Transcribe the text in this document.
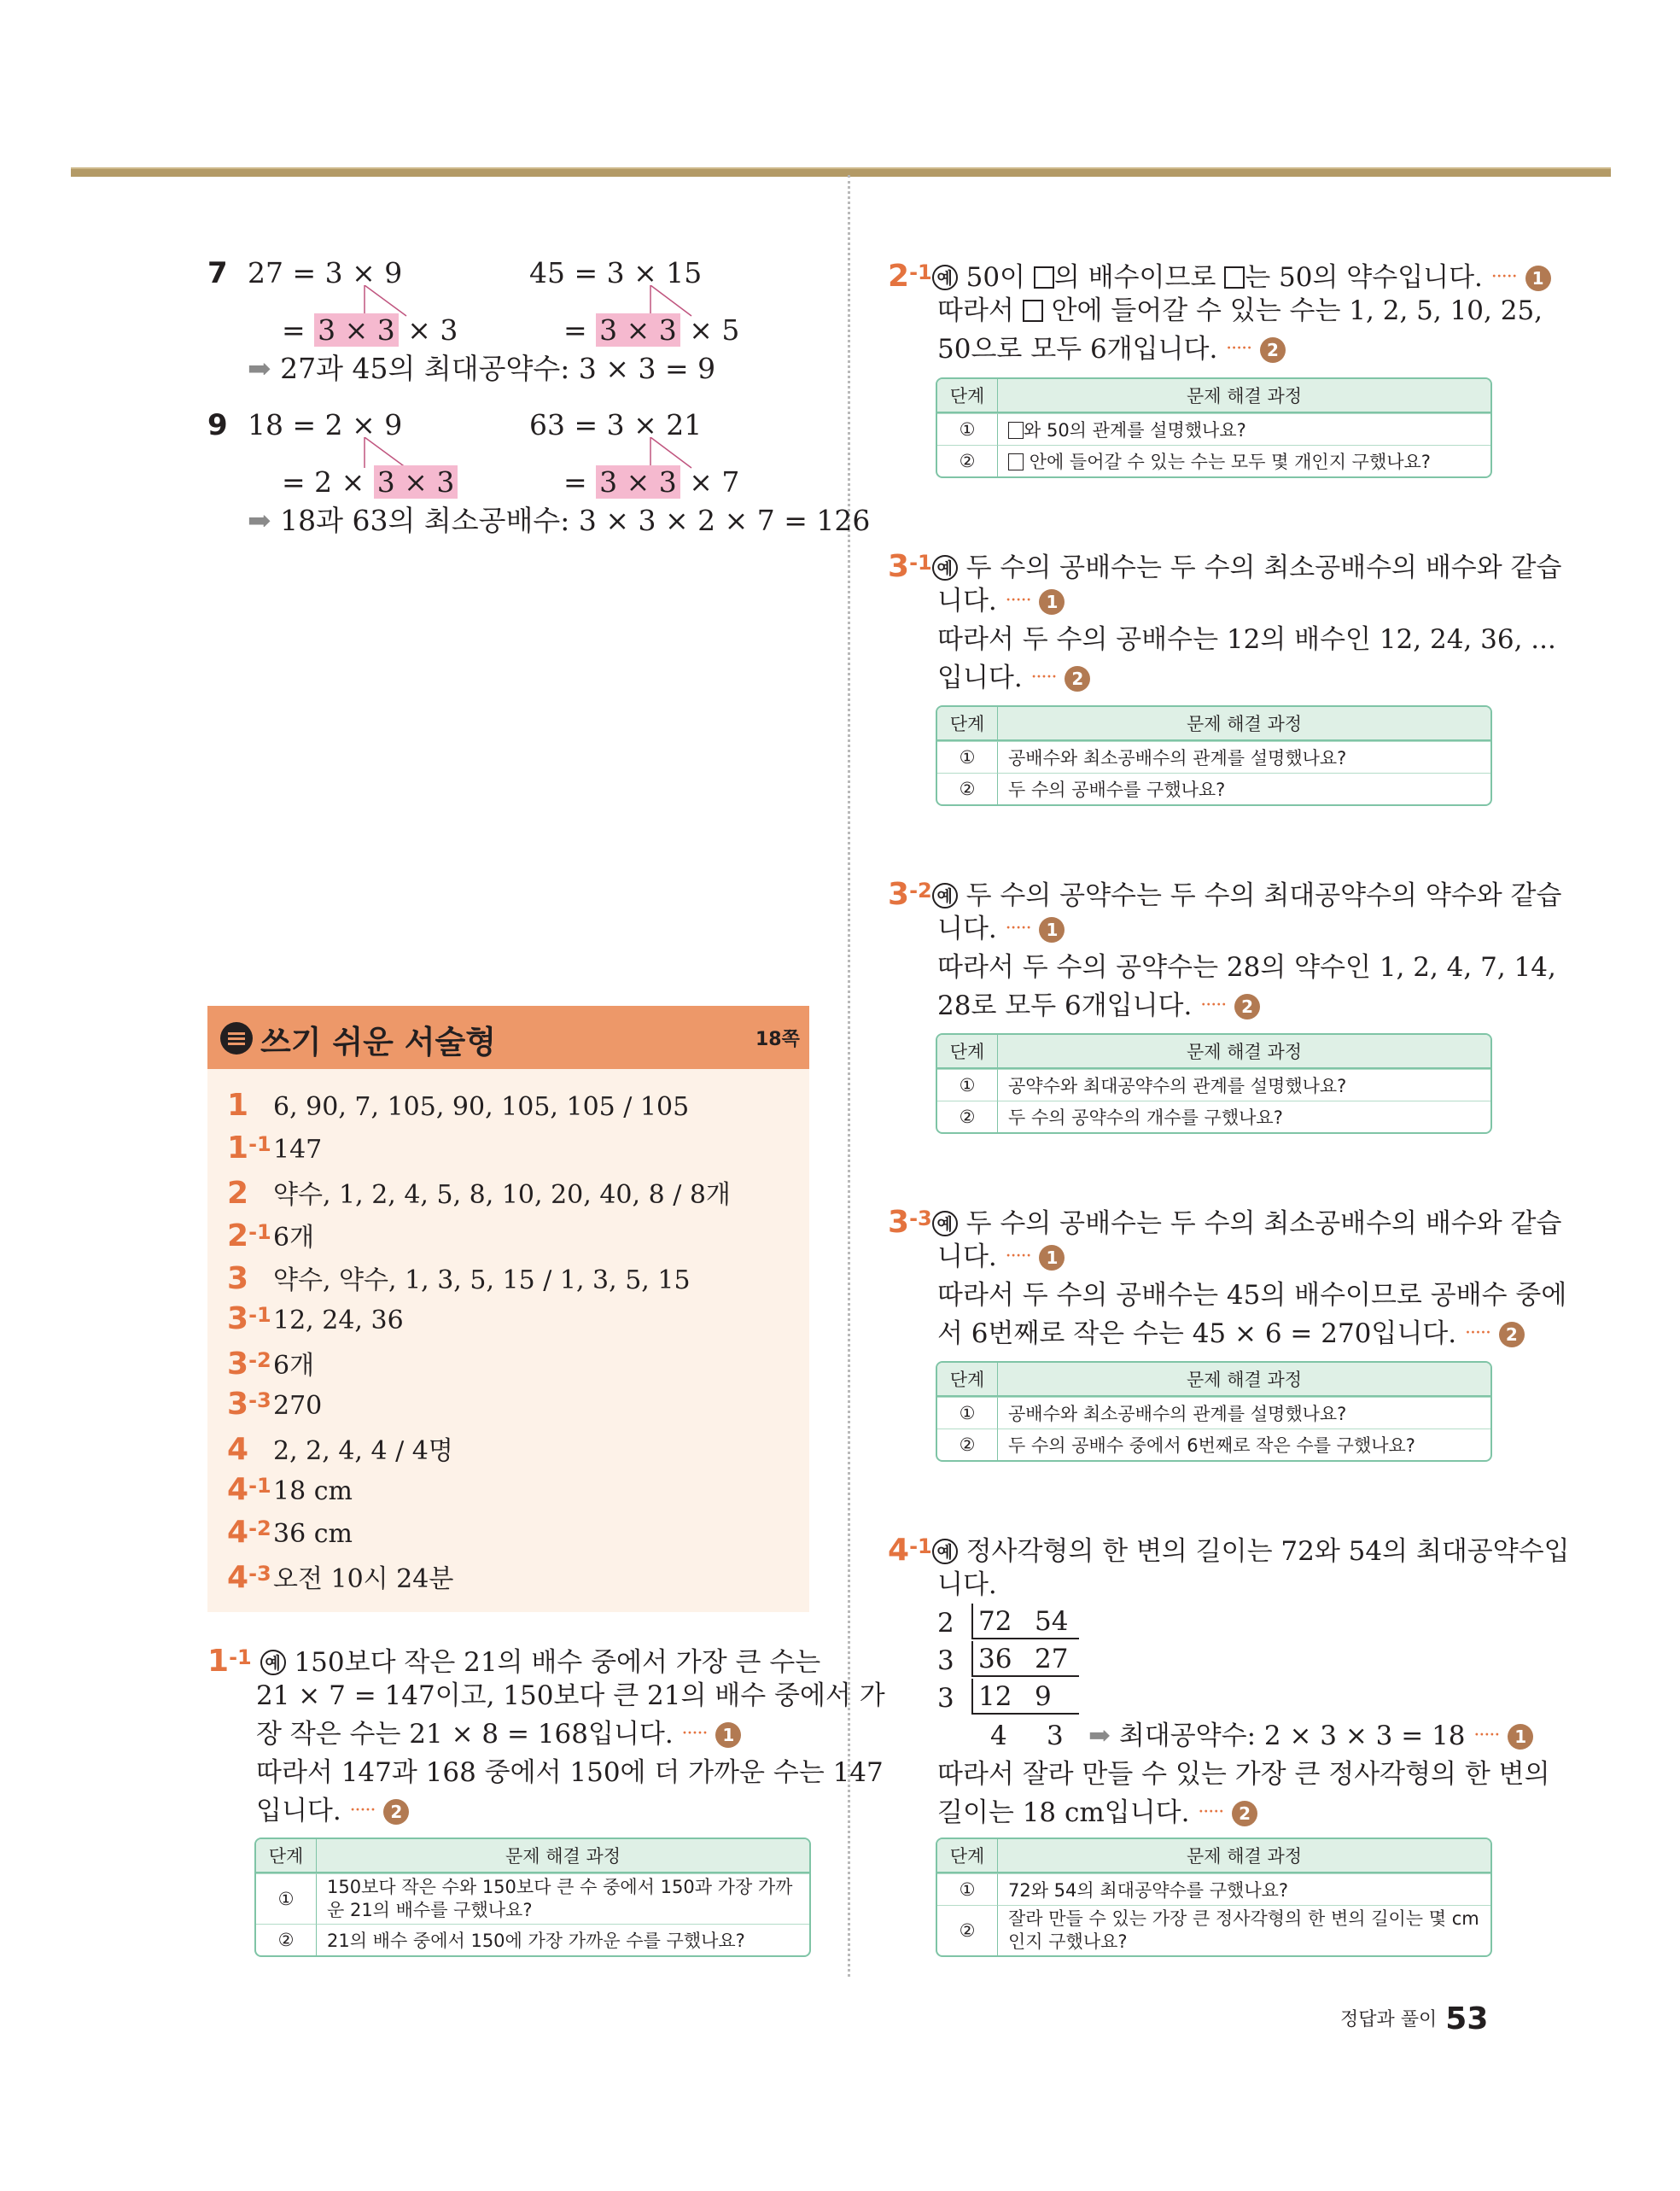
7 27 = 3 × 9	45 = 3 × 15
= 3 × 3 × 3	= 3 × 3 × 5
➡ 27과 45의 최대공약수: 3 × 3 = 9
9 18 = 2 × 9	63 = 3 × 21
= 2 × 3 × 3	= 3 × 3 × 7
➡ 18과 63의 최소공배수: 3 × 3 × 2 × 7 = 126
쓰기 쉬운 서술형	18쪽
1 6, 90, 7, 105, 90, 105, 105 / 105
$1^{-1}147$
2 약수, 1, 2, 4, 5, 8, 10, 20, 40, 8 / 8개
$2^{-1}6$개
3 약수, 약수, 1, 3, 5, 15 / 1, 3, 5, 15
$3^{-1}12$, 24, 36
$3^{-2}6$개
$3^{-3}270$
4 2, 2, 4, 4 / 4명
$4^{-1}18$ cm
$4^{-2}36$ cm
$4^{-3}$오전 10시 24분
$1^{-1}$ 예 150보다 작은 21의 배수 중에서 가장 큰 수는
21 × 7 = 147이고, 150보다 큰 21의 배수 중에서 가
장 작은 수는 21 × 8 = 168입니다. ····· 1
따라서 147과 168 중에서 150에 더 가까운 수는 147
입니다. ····· 2
단계	문제 해결 과정
①	150보다 작은 수와 150보다 큰 수 중에서 150과 가장 가까운 21의 배수를 구했나요?
②	21의 배수 중에서 150에 가장 가까운 수를 구했나요?
$2^{-1}$ 예 50이 의 배수이므로 는 50의 약수입니다. ····· 1
따라서 안에 들어갈 수 있는 수는 1, 2, 5, 10, 25,
50으로 모두 6개입니다. ····· 2
단계	문제 해결 과정
①	와 50의 관계를 설명했나요?
②	안에 들어갈 수 있는 수는 모두 몇 개인지 구했나요?
$3^{-1}$ 예 두 수의 공배수는 두 수의 최소공배수의 배수와 같습
니다. ····· 1
따라서 두 수의 공배수는 12의 배수인 12, 24, 36, ...
입니다. ····· 2
단계	문제 해결 과정
①	공배수와 최소공배수의 관계를 설명했나요?
②	두 수의 공배수를 구했나요?
$3^{-2}$ 예 두 수의 공약수는 두 수의 최대공약수의 약수와 같습
니다. ····· 1
따라서 두 수의 공약수는 28의 약수인 1, 2, 4, 7, 14,
28로 모두 6개입니다. ····· 2
단계	문제 해결 과정
①	공약수와 최대공약수의 관계를 설명했나요?
②	두 수의 공약수의 개수를 구했나요?
$3^{-3}$ 예 두 수의 공배수는 두 수의 최소공배수의 배수와 같습
니다. ····· 1
따라서 두 수의 공배수는 45의 배수이므로 공배수 중에
서 6번째로 작은 수는 45 × 6 = 270입니다. ····· 2
단계	문제 해결 과정
①	공배수와 최소공배수의 관계를 설명했나요?
②	두 수의 공배수 중에서 6번째로 작은 수를 구했나요?
$4^{-1}$ 예 정사각형의 한 변의 길이는 72와 54의 최대공약수입
니다.
2 72 54
3 36 27
3 12 9
4 3 ➡ 최대공약수: 2 × 3 × 3 = 18 ····· 1
따라서 잘라 만들 수 있는 가장 큰 정사각형의 한 변의
길이는 18 cm입니다. ····· 2
단계	문제 해결 과정
①	72와 54의 최대공약수를 구했나요?
②	잘라 만들 수 있는 가장 큰 정사각형의 한 변의 길이는 몇 cm인지 구했나요?
정답과 풀이 53
